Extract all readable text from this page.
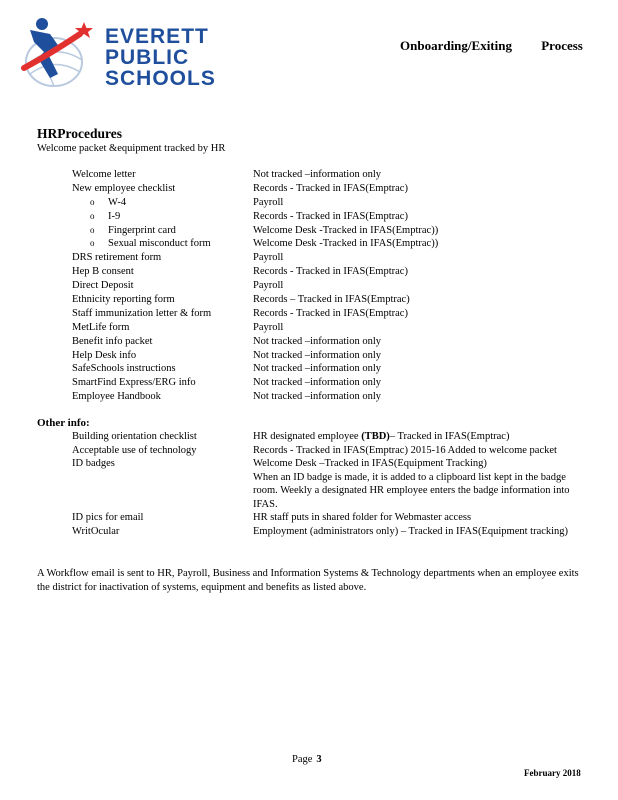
EVERETT
PUBLIC
SCHOOLS
Onboarding/Exiting Process
HRProcedures
Welcome packet &equipment tracked by HR
Welcome letter	Not tracked –information only
New employee checklist	Records - Tracked in IFAS(Emptrac)
o W-4	Payroll
o I-9	Records - Tracked in IFAS(Emptrac)
o Fingerprint card	Welcome Desk -Tracked in IFAS(Emptrac))
o Sexual misconduct form	Welcome Desk -Tracked in IFAS(Emptrac))
DRS retirement form	Payroll
Hep B consent	Records - Tracked in IFAS(Emptrac)
Direct Deposit	Payroll
Ethnicity reporting form	Records – Tracked in IFAS(Emptrac)
Staff immunization letter & form	Records - Tracked in IFAS(Emptrac)
MetLife form	Payroll
Benefit info packet	Not tracked –information only
Help Desk info	Not tracked –information only
SafeSchools instructions	Not tracked –information only
SmartFind Express/ERG info	Not tracked –information only
Employee Handbook	Not tracked –information only
Other info:
Building orientation checklist	HR designated employee (TBD)– Tracked in IFAS(Emptrac)
Acceptable use of technology	Records - Tracked in IFAS(Emptrac) 2015-16 Added to welcome packet
ID badges	Welcome Desk –Tracked in IFAS(Equipment Tracking)
When an ID badge is made, it is added to a clipboard list kept in the badge room. Weekly a designated HR employee enters the badge information into IFAS.
ID pics for email	HR staff puts in shared folder for Webmaster access
WritOcular	Employment (administrators only) – Tracked in IFAS(Equipment tracking)
A Workflow email is sent to HR, Payroll, Business and Information Systems & Technology departments when an employee exits the district for inactivation of systems, equipment and benefits as listed above.
Page 3
February 2018
